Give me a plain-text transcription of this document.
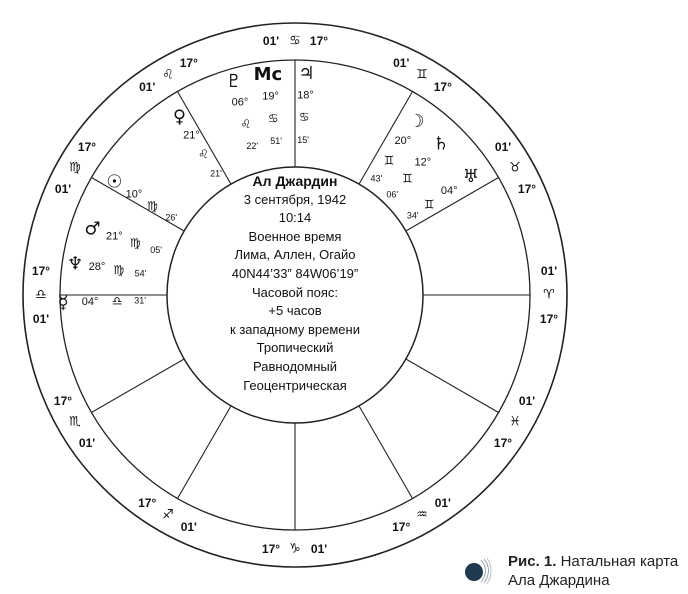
17°
♋
01'
17°
♌
01'
17°
♍
01'
17°
♎
01'
17°
♏
01'
17°
♐
01'
17° ♑ 01'
17°
♒
01'
17°
♓
01'
17°
♈
01'
17°
♉
01'
17°
♊
01'
♇
06°
♌
22'
Mc
19°
♋
51'
♃
18°
♋
15'
♀
21°
♌
21'
☉
10°
♍
26'
♂ 21° ♍ 05'
♆ 28° ♍ 54'
☿ 04° ♎ 31'
☽
20°
♊
43'
♄
12°
♊
06'
♅
04°
♊
34'
Ал Джардин
3 сентября, 1942
10:14
Военное время
Лима, Аллен, Огайо
40N44’33” 84W06’19”
Часовой пояс:
+5 часов
к западному времени
Тропический
Равнодомный
Геоцентрическая
Рис. 1. Натальная карта
Ала Джардина
